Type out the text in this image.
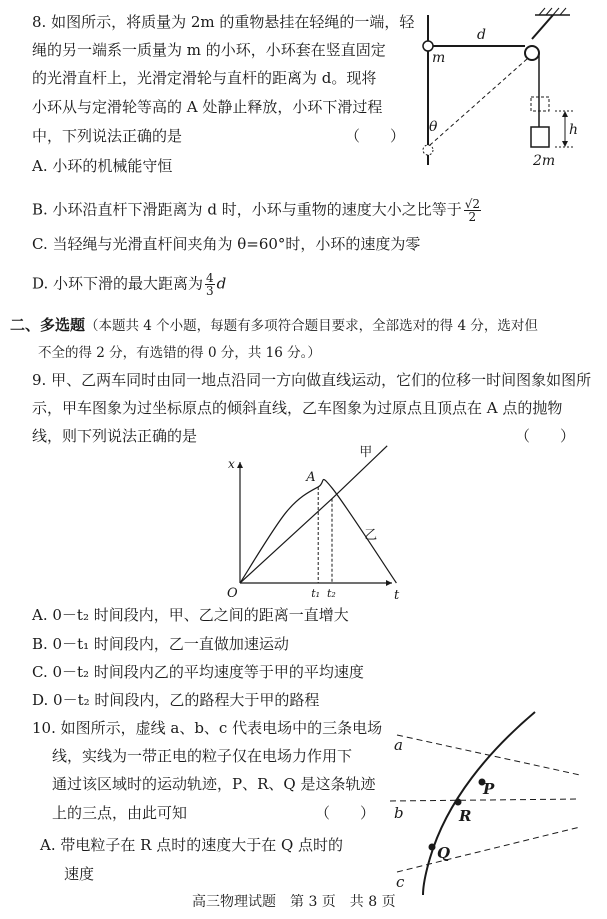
8. 如图所示，将质量为 2m 的重物悬挂在轻绳的一端，轻
绳的另一端系一质量为 m 的小环，小环套在竖直固定
的光滑直杆上，光滑定滑轮与直杆的距离为 d。现将
小环从与定滑轮等高的 A 处静止释放，小环下滑过程
中，下列说法正确的是	（　　）
A. 小环的机械能守恒
B. 小环沿直杆下滑距离为 d 时，小环与重物的速度大小之比等于 $\frac{√2}{2}$
C. 当轻绳与光滑直杆间夹角为 θ=60°时，小环的速度为零
D. 小环下滑的最大距离为 $\frac{4}{3}$ d
d
m
θ	h
2m
二、多选题（本题共 4 个小题，每题有多项符合题目要求，全部选对的得 4 分，选对但
不全的得 2 分，有选错的得 0 分，共 16 分。）
9. 甲、乙两车同时由同一地点沿同一方向做直线运动，它们的位移一时间图象如图所
示，甲车图象为过坐标原点的倾斜直线，乙车图象为过原点且顶点在 A 点的抛物
线，则下列说法正确的是	（　　）
x
t
O
甲
乙
t₁ t₂
A
A. 0－t₂ 时间段内，甲、乙之间的距离一直增大
B. 0－t₁ 时间段内，乙一直做加速运动
C. 0－t₂ 时间段内乙的平均速度等于甲的平均速度
D. 0－t₂ 时间段内，乙的路程大于甲的路程
10. 如图所示，虚线 a、b、c 代表电场中的三条电场
线，实线为一带正电的粒子仅在电场力作用下
通过该区域时的运动轨迹，P、R、Q 是这条轨迹
上的三点，由此可知	（　　）
A. 带电粒子在 R 点时的速度大于在 Q 点时的
速度
a
b
c
P
R
Q
高三物理试题　第 3 页　共 8 页
